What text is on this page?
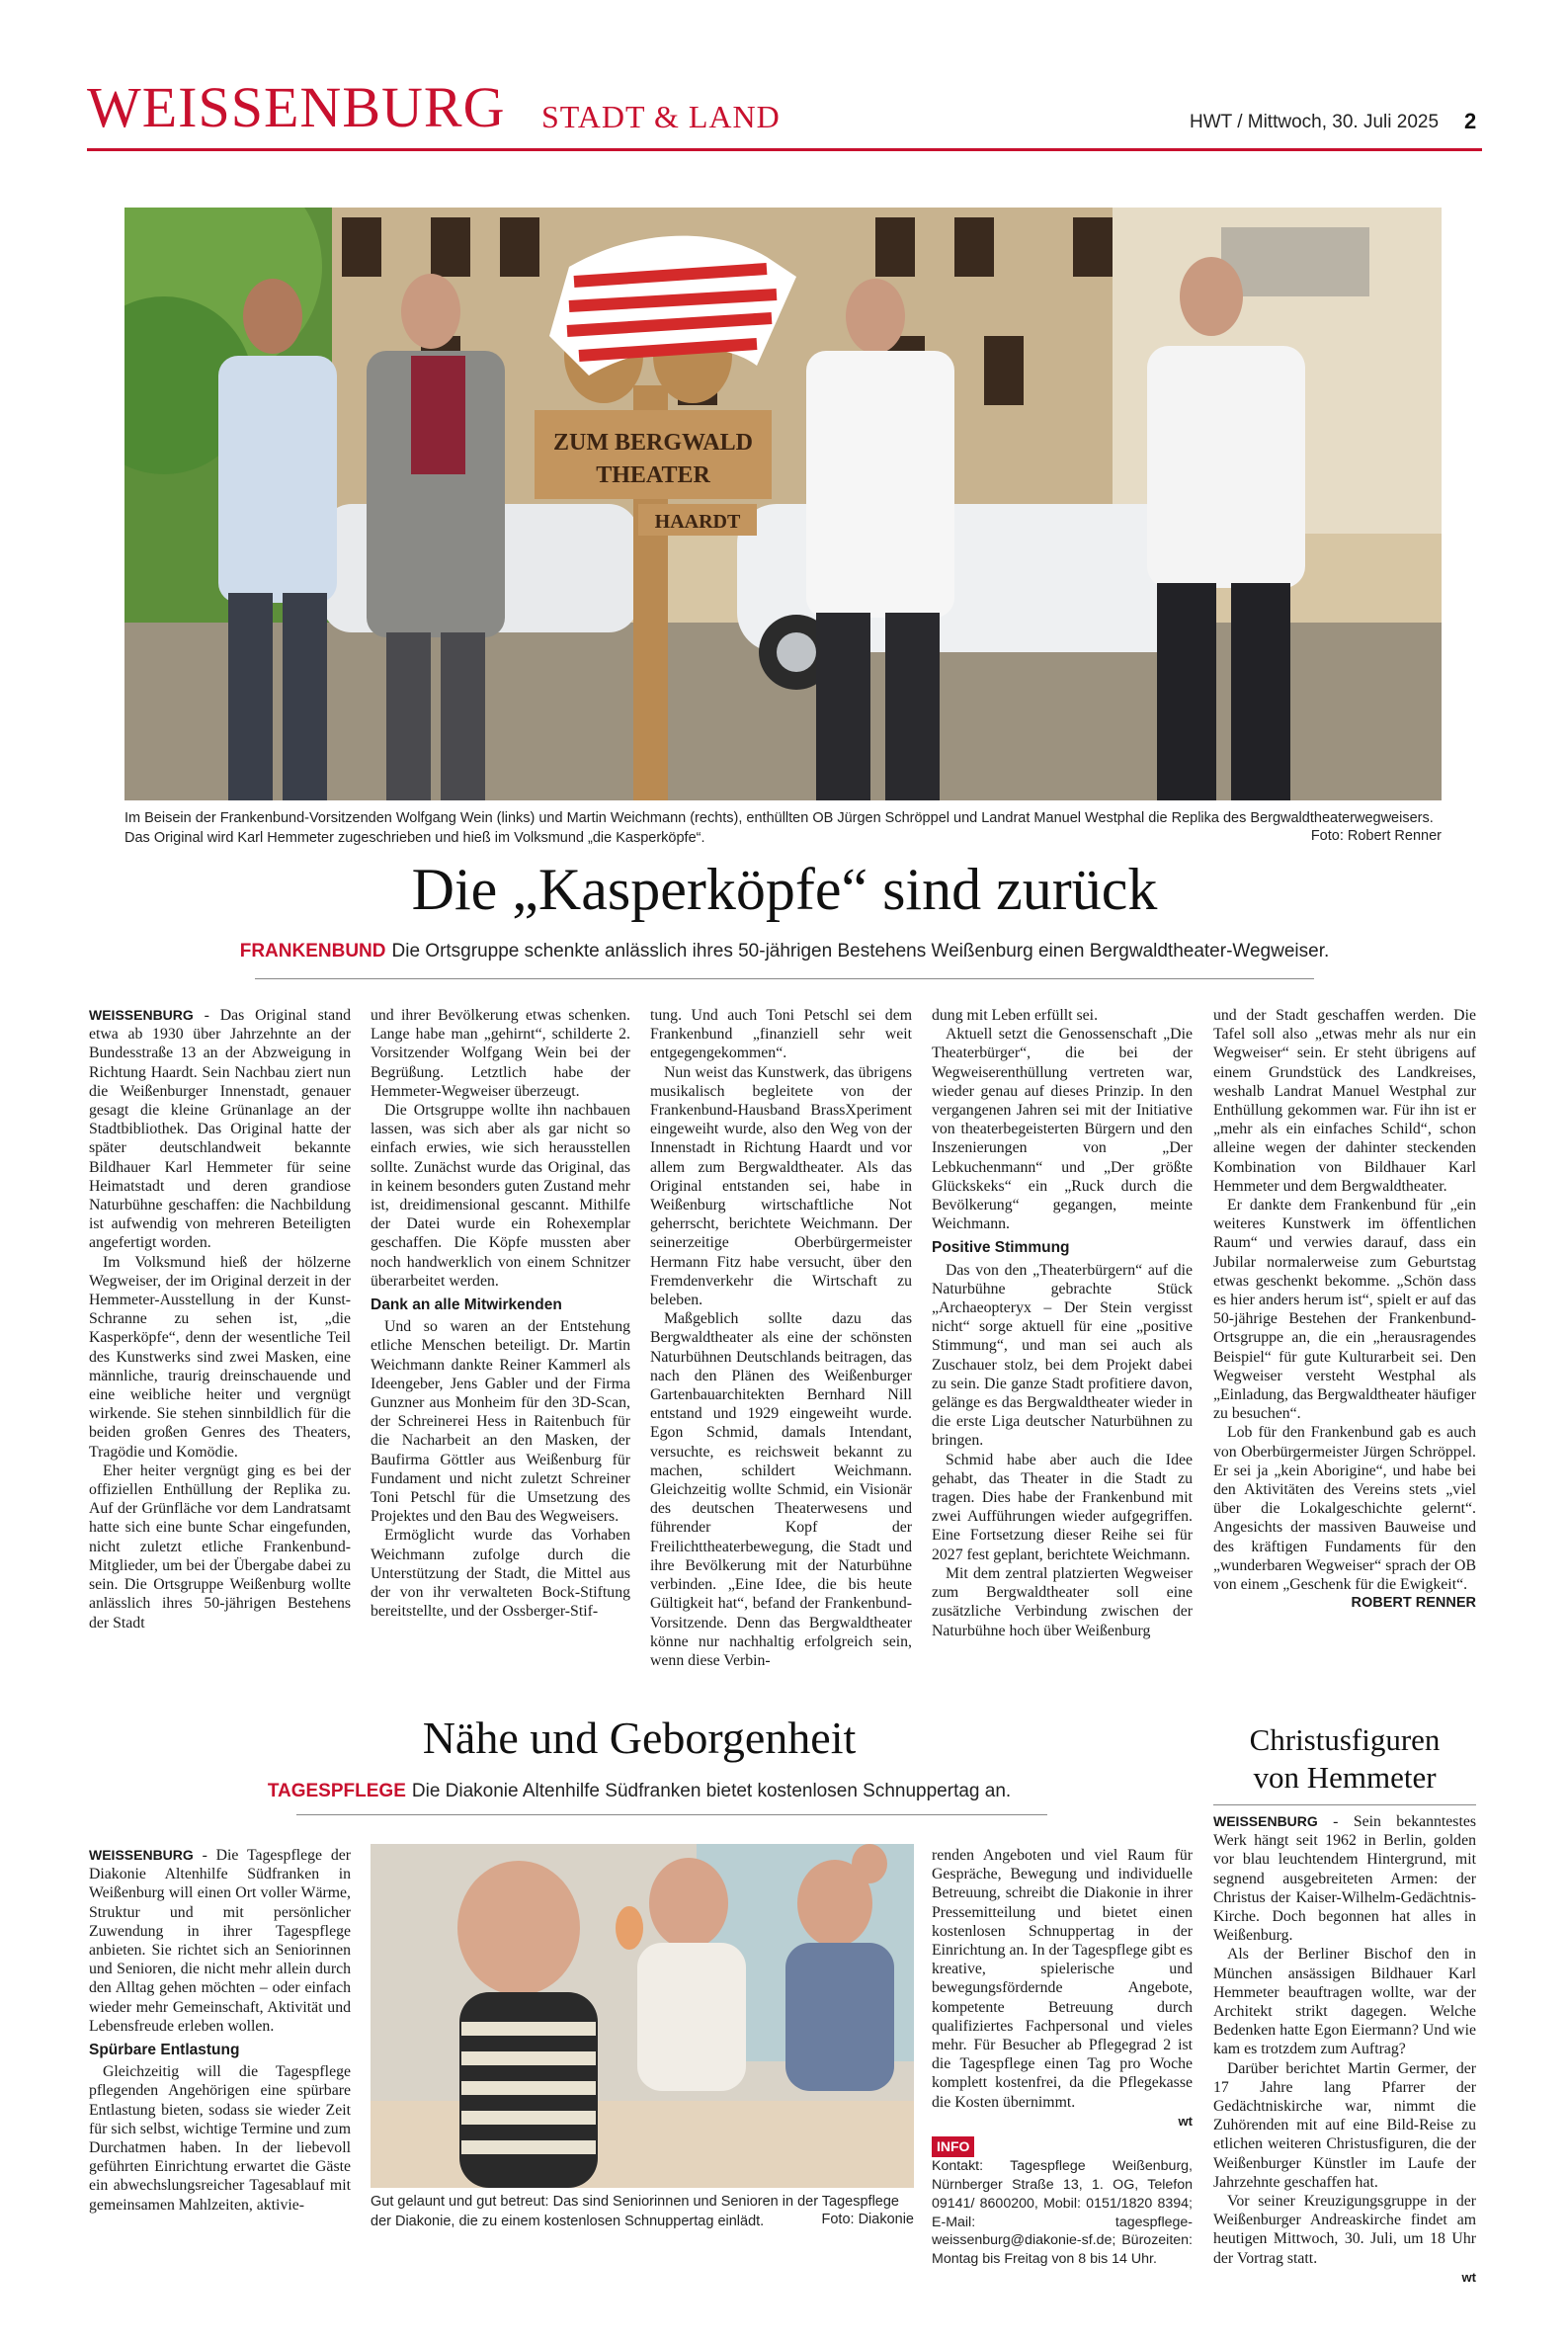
WEISSENBURG STADT & LAND	HWT / Mittwoch, 30. Juli 2025 2
ZUM BERGWALD
THEATER
HAARDT
Im Beisein der Frankenbund-Vorsitzenden Wolfgang Wein (links) und Martin Weichmann (rechts), enthüllten OB Jürgen Schröppel und Landrat Manuel Westphal die Replika des Bergwaldtheaterwegweisers. Das Original wird Karl Hemmeter zugeschrieben und hieß im Volksmund „die Kasperköpfe“.	Foto: Robert Renner
Die „Kasperköpfe“ sind zurück
FRANKENBUND Die Ortsgruppe schenkte anlässlich ihres 50-jährigen Bestehens Weißenburg einen Bergwaldtheater-Wegweiser.

WEISSENBURG - Das Original stand etwa ab 1930 über Jahrzehnte an der Bundesstraße 13 an der Abzweigung in Richtung Haardt. Sein Nachbau ziert nun die Weißenburger Innenstadt, genauer gesagt die kleine Grünanlage an der Stadtbibliothek. Das Original hatte der später deutschlandweit bekannte Bildhauer Karl Hemmeter für seine Heimatstadt und deren grandiose Naturbühne geschaffen: die Nachbildung ist aufwendig von mehreren Beteiligten angefertigt worden.

Im Volksmund hieß der hölzerne Wegweiser, der im Original derzeit in der Hemmeter-Ausstellung in der Kunst-Schranne zu sehen ist, „die Kasperköpfe“, denn der wesentliche Teil des Kunstwerks sind zwei Masken, eine männliche, traurig dreinschauende und eine weibliche heiter und vergnügt wirkende. Sie stehen sinnbildlich für die beiden großen Genres des Theaters, Tragödie und Komödie.

Eher heiter vergnügt ging es bei der offiziellen Enthüllung der Replika zu. Auf der Grünfläche vor dem Landratsamt hatte sich eine bunte Schar eingefunden, nicht zuletzt etliche Frankenbund-Mitglieder, um bei der Übergabe dabei zu sein. Die Ortsgruppe Weißenburg wollte anlässlich ihres 50-jährigen Bestehens der Stadt

und ihrer Bevölkerung etwas schenken. Lange habe man „gehirnt“, schilderte 2. Vorsitzender Wolfgang Wein bei der Begrüßung. Letztlich habe der Hemmeter-Wegweiser überzeugt.

Die Ortsgruppe wollte ihn nachbauen lassen, was sich aber als gar nicht so einfach erwies, wie sich herausstellen sollte. Zunächst wurde das Original, das in keinem besonders guten Zustand mehr ist, dreidimensional gescannt. Mithilfe der Datei wurde ein Rohexemplar geschaffen. Die Köpfe mussten aber noch handwerklich von einem Schnitzer überarbeitet werden.

Dank an alle Mitwirkenden

Und so waren an der Entstehung etliche Menschen beteiligt. Dr. Martin Weichmann dankte Reiner Kammerl als Ideengeber, Jens Gabler und der Firma Gunzner aus Monheim für den 3D-Scan, der Schreinerei Hess in Raitenbuch für die Nacharbeit an den Masken, der Baufirma Göttler aus Weißenburg für Fundament und nicht zuletzt Schreiner Toni Petschl für die Umsetzung des Projektes und den Bau des Wegweisers.

Ermöglicht wurde das Vorhaben Weichmann zufolge durch die Unterstützung der Stadt, die Mittel aus der von ihr verwalteten Bock-Stiftung bereitstellte, und der Ossberger-Stif-

tung. Und auch Toni Petschl sei dem Frankenbund „finanziell sehr weit entgegengekommen“.

Nun weist das Kunstwerk, das übrigens musikalisch begleitete von der Frankenbund-Hausband BrassXperiment eingeweiht wurde, also den Weg von der Innenstadt in Richtung Haardt und vor allem zum Bergwaldtheater. Als das Original entstanden sei, habe in Weißenburg wirtschaftliche Not geherrscht, berichtete Weichmann. Der seinerzeitige Oberbürgermeister Hermann Fitz habe versucht, über den Fremdenverkehr die Wirtschaft zu beleben.

Maßgeblich sollte dazu das Bergwaldtheater als eine der schönsten Naturbühnen Deutschlands beitragen, das nach den Plänen des Weißenburger Gartenbauarchitekten Bernhard Nill entstand und 1929 eingeweiht wurde. Egon Schmid, damals Intendant, versuchte, es reichsweit bekannt zu machen, schildert Weichmann. Gleichzeitig wollte Schmid, ein Visionär des deutschen Theaterwesens und führender Kopf der Freilichttheaterbewegung, die Stadt und ihre Bevölkerung mit der Naturbühne verbinden. „Eine Idee, die bis heute Gültigkeit hat“, befand der Frankenbund-Vorsitzende. Denn das Bergwaldtheater könne nur nachhaltig erfolgreich sein, wenn diese Verbin-

dung mit Leben erfüllt sei.

Aktuell setzt die Genossenschaft „Die Theaterbürger“, die bei der Wegweiserenthüllung vertreten war, wieder genau auf dieses Prinzip. In den vergangenen Jahren sei mit der Initiative von theaterbegeisterten Bürgern und den Inszenierungen von „Der Lebkuchenmann“ und „Der größte Glückskeks“ ein „Ruck durch die Bevölkerung“ gegangen, meinte Weichmann.

Positive Stimmung

Das von den „Theaterbürgern“ auf die Naturbühne gebrachte Stück „Archaeopteryx – Der Stein vergisst nicht“ sorge aktuell für eine „positive Stimmung“, und man sei auch als Zuschauer stolz, bei dem Projekt dabei zu sein. Die ganze Stadt profitiere davon, gelänge es das Bergwaldtheater wieder in die erste Liga deutscher Naturbühnen zu bringen.

Schmid habe aber auch die Idee gehabt, das Theater in die Stadt zu tragen. Dies habe der Frankenbund mit zwei Aufführungen wieder aufgegriffen. Eine Fortsetzung dieser Reihe sei für 2027 fest geplant, berichtete Weichmann.

Mit dem zentral platzierten Wegweiser zum Bergwaldtheater soll eine zusätzliche Verbindung zwischen der Naturbühne hoch über Weißenburg

und der Stadt geschaffen werden. Die Tafel soll also „etwas mehr als nur ein Wegweiser“ sein. Er steht übrigens auf einem Grundstück des Landkreises, weshalb Landrat Manuel Westphal zur Enthüllung gekommen war. Für ihn ist er „mehr als ein einfaches Schild“, schon alleine wegen der dahinter steckenden Kombination von Bildhauer Karl Hemmeter und dem Bergwaldtheater.

Er dankte dem Frankenbund für „ein weiteres Kunstwerk im öffentlichen Raum“ und verwies darauf, dass ein Jubilar normalerweise zum Geburtstag etwas geschenkt bekomme. „Schön dass es hier anders herum ist“, spielt er auf das 50-jährige Bestehen der Frankenbund-Ortsgruppe an, die ein „herausragendes Beispiel“ für gute Kulturarbeit sei. Den Wegweiser versteht Westphal als „Einladung, das Bergwaldtheater häufiger zu besuchen“.

Lob für den Frankenbund gab es auch von Oberbürgermeister Jürgen Schröppel. Er sei ja „kein Aborigine“, und habe bei den Aktivitäten des Vereins stets „viel über die Lokalgeschichte gelernt“. Angesichts der massiven Bauweise und des kräftigen Fundaments für den „wunderbaren Wegweiser“ sprach der OB von einem „Geschenk für die Ewigkeit“.

ROBERT RENNER
Nähe und Geborgenheit
TAGESPFLEGE Die Diakonie Altenhilfe Südfranken bietet kostenlosen Schnuppertag an.

WEISSENBURG - Die Tagespflege der Diakonie Altenhilfe Südfranken in Weißenburg will einen Ort voller Wärme, Struktur und mit persönlicher Zuwendung in ihrer Tagespflege anbieten. Sie richtet sich an Seniorinnen und Senioren, die nicht mehr allein durch den Alltag gehen möchten – oder einfach wieder mehr Gemeinschaft, Aktivität und Lebensfreude erleben wollen.

Spürbare Entlastung

Gleichzeitig will die Tagespflege pflegenden Angehörigen eine spürbare Entlastung bieten, sodass sie wieder Zeit für sich selbst, wichtige Termine und zum Durchatmen haben. In der liebevoll geführten Einrichtung erwartet die Gäste ein abwechslungsreicher Tagesablauf mit gemeinsamen Mahlzeiten, aktivie-	Gut gelaunt und gut betreut: Das sind Seniorinnen und Senioren in der Tagespflege der Diakonie, die zu einem kostenlosen Schnuppertag einlädt.	Foto: Diakonie

renden Angeboten und viel Raum für Gespräche, Bewegung und individuelle Betreuung, schreibt die Diakonie in ihrer Pressemitteilung und bietet einen kostenlosen Schnuppertag in der Einrichtung an. In der Tagespflege gibt es kreative, spielerische und bewegungsfördernde Angebote, kompetente Betreuung durch qualifiziertes Fachpersonal und vieles mehr. Für Besucher ab Pflegegrad 2 ist die Tagespflege einen Tag pro Woche komplett kostenfrei, da die Pflegekasse die Kosten übernimmt.

wt
INFO
Kontakt: Tagespflege Weißenburg, Nürnberger Straße 13, 1. OG, Telefon 09141/ 8600200, Mobil: 0151/1820 8394; E-Mail: tagespflege-weissenburg@diakonie-sf.de; Bürozeiten: Montag bis Freitag von 8 bis 14 Uhr.
Christusfiguren
von Hemmeter

WEISSENBURG - Sein bekanntestes Werk hängt seit 1962 in Berlin, golden vor blau leuchtendem Hintergrund, mit segnend ausgebreiteten Armen: der Christus der Kaiser-Wilhelm-Gedächtnis-Kirche. Doch begonnen hat alles in Weißenburg.

Als der Berliner Bischof den in München ansässigen Bildhauer Karl Hemmeter beauftragen wollte, war der Architekt strikt dagegen. Welche Bedenken hatte Egon Eiermann? Und wie kam es trotzdem zum Auftrag?

Darüber berichtet Martin Germer, der 17 Jahre lang Pfarrer der Gedächtniskirche war, nimmt die Zuhörenden mit auf eine Bild-Reise zu etlichen weiteren Christusfiguren, die der Weißenburger Künstler im Laufe der Jahrzehnte geschaffen hat.

Vor seiner Kreuzigungsgruppe in der Weißenburger Andreaskirche findet am heutigen Mittwoch, 30. Juli, um 18 Uhr der Vortrag statt.

wt
